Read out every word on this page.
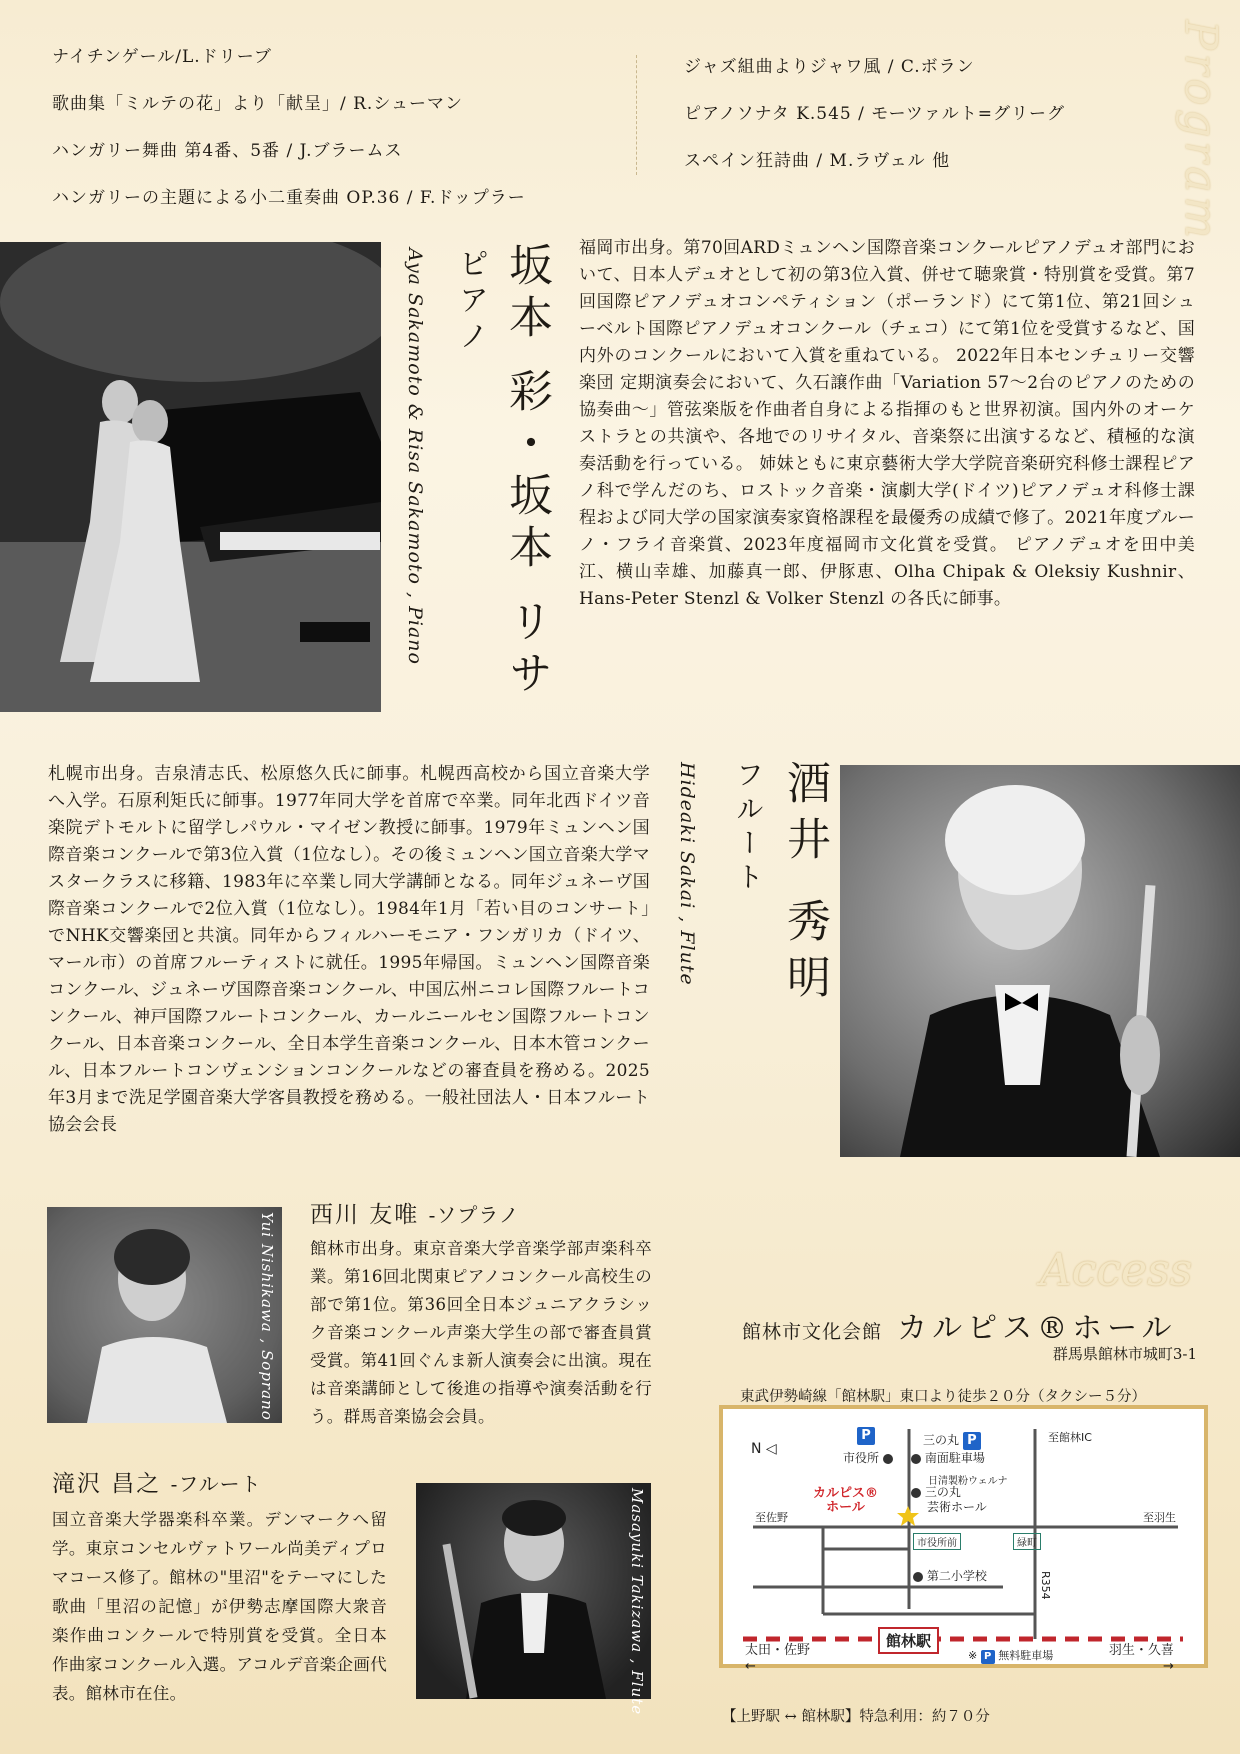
ナイチンゲール/L.ドリーブ
歌曲集「ミルテの花」より「献呈」/ R.シューマン
ハンガリー舞曲 第4番、5番 / J.ブラームス
ハンガリーの主題による小二重奏曲 OP.36 / F.ドップラー
ジャズ組曲よりジャワ風 / C.ボラン
ピアノソナタ K.545 / モーツァルト=グリーグ
スペイン狂詩曲 / M.ラヴェル 他	Program
Aya Sakamoto & Risa Sakamoto , Piano ピアノ 坂本 彩・坂本 リサ	福岡市出身。第70回ARDミュンヘン国際音楽コンクールピアノデュオ部門において、日本人デュオとして初の第3位入賞、併せて聴衆賞・特別賞を受賞。第7回国際ピアノデュオコンペティション（ポーランド）にて第1位、第21回シューベルト国際ピアノデュオコンクール（チェコ）にて第1位を受賞するなど、国内外のコンクールにおいて入賞を重ねている。 2022年日本センチュリー交響楽団 定期演奏会において、久石譲作曲「Variation 57～2台のピアノのための協奏曲～」管弦楽版を作曲者自身による指揮のもと世界初演。国内外のオーケストラとの共演や、各地でのリサイタル、音楽祭に出演するなど、積極的な演奏活動を行っている。 姉妹ともに東京藝術大学大学院音楽研究科修士課程ピアノ科で学んだのち、ロストック音楽・演劇大学(ドイツ)ピアノデュオ科修士課程および同大学の国家演奏家資格課程を最優秀の成績で修了。2021年度ブルーノ・フライ音楽賞、2023年度福岡市文化賞を受賞。 ピアノデュオを田中美江、横山幸雄、加藤真一郎、伊豚恵、Olha Chipak & Oleksiy Kushnir、Hans-Peter Stenzl & Volker Stenzl の各氏に師事。

札幌市出身。吉泉清志氏、松原悠久氏に師事。札幌西高校から国立音楽大学へ入学。石原利矩氏に師事。1977年同大学を首席で卒業。同年北西ドイツ音楽院デトモルトに留学しパウル・マイゼン教授に師事。1979年ミュンヘン国際音楽コンクールで第3位入賞（1位なし）。その後ミュンヘン国立音楽大学マスタークラスに移籍、1983年に卒業し同大学講師となる。同年ジュネーヴ国際音楽コンクールで2位入賞（1位なし）。1984年1月「若い目のコンサート」でNHK交響楽団と共演。同年からフィルハーモニア・フンガリカ（ドイツ、マール市）の首席フルーティストに就任。1995年帰国。ミュンヘン国際音楽コンクール、ジュネーヴ国際音楽コンクール、中国広州ニコレ国際フルートコンクール、神戸国際フルートコンクール、カールニールセン国際フルートコンクール、日本音楽コンクール、全日本学生音楽コンクール、日本木管コンクール、日本フルートコンヴェンションコンクールなどの審査員を務める。2025年3月まで洗足学園音楽大学客員教授を務める。一般社団法人・日本フルート協会会長

Hideaki Sakai , Flute フルート 酒井 秀明
Yui Nishikawa , Soprano 西川 友唯 -ソプラノ

館林市出身。東京音楽大学音楽学部声楽科卒業。第16回北関東ピアノコンクール高校生の部で第1位。第36回全日本ジュニアクラシック音楽コンクール声楽大学生の部で審査員賞受賞。第41回ぐんま新人演奏会に出演。現在は音楽講師として後進の指導や演奏活動を行う。群馬音楽協会会員。

滝沢 昌之 -フルート

国立音楽大学器楽科卒業。デンマークへ留学。東京コンセルヴァトワール尚美ディプロマコース修了。館林の"里沼"をテーマにした歌曲「里沼の記憶」が伊勢志摩国際大衆音楽作曲コンクールで特別賞を受賞。全日本作曲家コンクール入選。アコルデ音楽企画代表。館林市在住。	Masayuki Takizawa , Flute
Access
館林市文化会館 カルピス®ホール
群馬県館林市城町3-1
東武伊勢崎線「館林駅」東口より徒歩２０分（タクシー５分）
N ◁
P
市役所
三の丸 P
南面駐車場
至館林IC
日清製粉ウェルナ
三の丸
芸術ホール
カルピス®
ホール
至佐野	至羽生
市役所前	緑町
第二小学校	R354
館林駅
太田・佐野
←
羽生・久喜
→
※ P 無料駐車場
【上野駅 ↔ 館林駅】特急利用：約７０分
